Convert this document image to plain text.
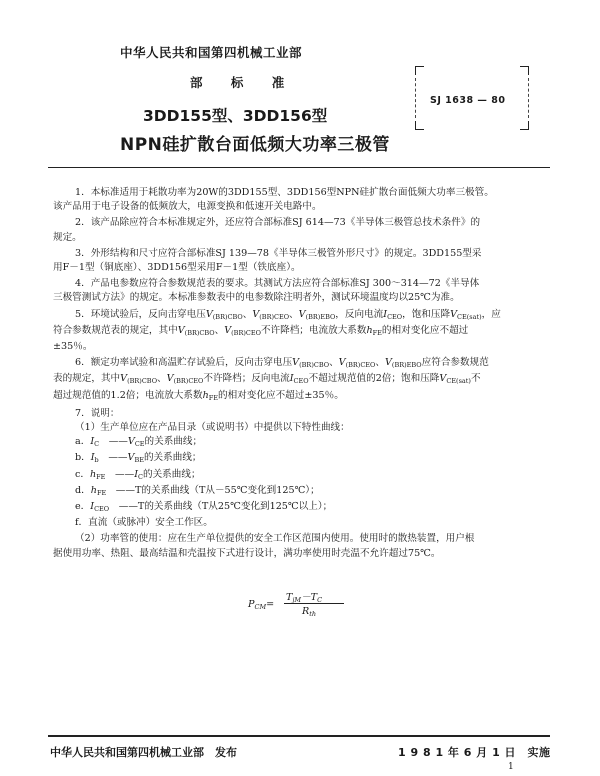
中华人民共和国第四机械工业部
部 标 准
3DD155型、3DD156型
NPN硅扩散台面低频大功率三极管
SJ 1638 — 80

1．本标准适用于耗散功率为20W的3DD155型、3DD156型NPN硅扩散台面低频大功率三极管。

该产品用于电子设备的低频放大，电源变换和低速开关电路中。

2．该产品除应符合本标准规定外，还应符合部标准SJ 614—73《半导体三极管总技术条件》的

规定。

3．外形结构和尺寸应符合部标准SJ 139—78《半导体三极管外形尺寸》的规定。3DD155型采

用F－1型（铜底座）、3DD156型采用F－1型（铁底座）。

4．产品电参数应符合参数规范表的要求。其测试方法应符合部标准SJ 300～314—72《半导体

三极管测试方法》的规定。本标准参数表中的电参数除注明者外，测试环境温度均以25℃为准。

5．环境试验后，反向击穿电压$V_{(BR)CBO}$、$V_{(BR)CEO}$、$V_{(BR)EBO}$，反向电流$I_{CEO}$，饱和压降$V_{CE(sat)}$，应

符合参数规范表的规定，其中$V_{(BR)CBO}$、$V_{(BR)CEO}$不许降档；电流放大系数$h_{FE}$的相对变化应不超过

±35％。

6．额定功率试验和高温贮存试验后，反向击穿电压$V_{(BR)CBO}$、$V_{(BR)CEO}$、$V_{(BR)EBO}$应符合参数规范

表的规定，其中$V_{(BR)CBO}$、$V_{(BR)CEO}$不许降档；反向电流$I_{CEO}$不超过规范值的2倍；饱和压降$V_{CE(sat)}$不

超过规范值的1.2倍；电流放大系数$h_{FE}$的相对变化应不超过±35％。

7．说明：

（1）生产单位应在产品目录（或说明书）中提供以下特性曲线：

a．$I_C$　 $——V_{CE}$的关系曲线；

b．$I_b$　 $——V_{BE}$的关系曲线；

c．$h_{FE}$　 $——I_C$的关系曲线；

d．$h_{FE}$　 ——T的关系曲线（T从－55℃变化到125℃）；

e．$I_{CEO}$　 ——T的关系曲线（T从25℃变化到125℃以上）；

f．直流（或脉冲）安全工作区。

（2）功率管的使用：应在生产单位提供的安全工作区范围内使用。使用时的散热装置，用户根

据使用功率、热阻、最高结温和壳温按下式进行设计，满功率使用时壳温不允许超过75℃。

$P_{CM}=$
$T_{jM}-T_C$
$R_{th}$
中华人民共和国第四机械工业部　发布	1 9 8 1 年 6 月 1 日　实施
1
